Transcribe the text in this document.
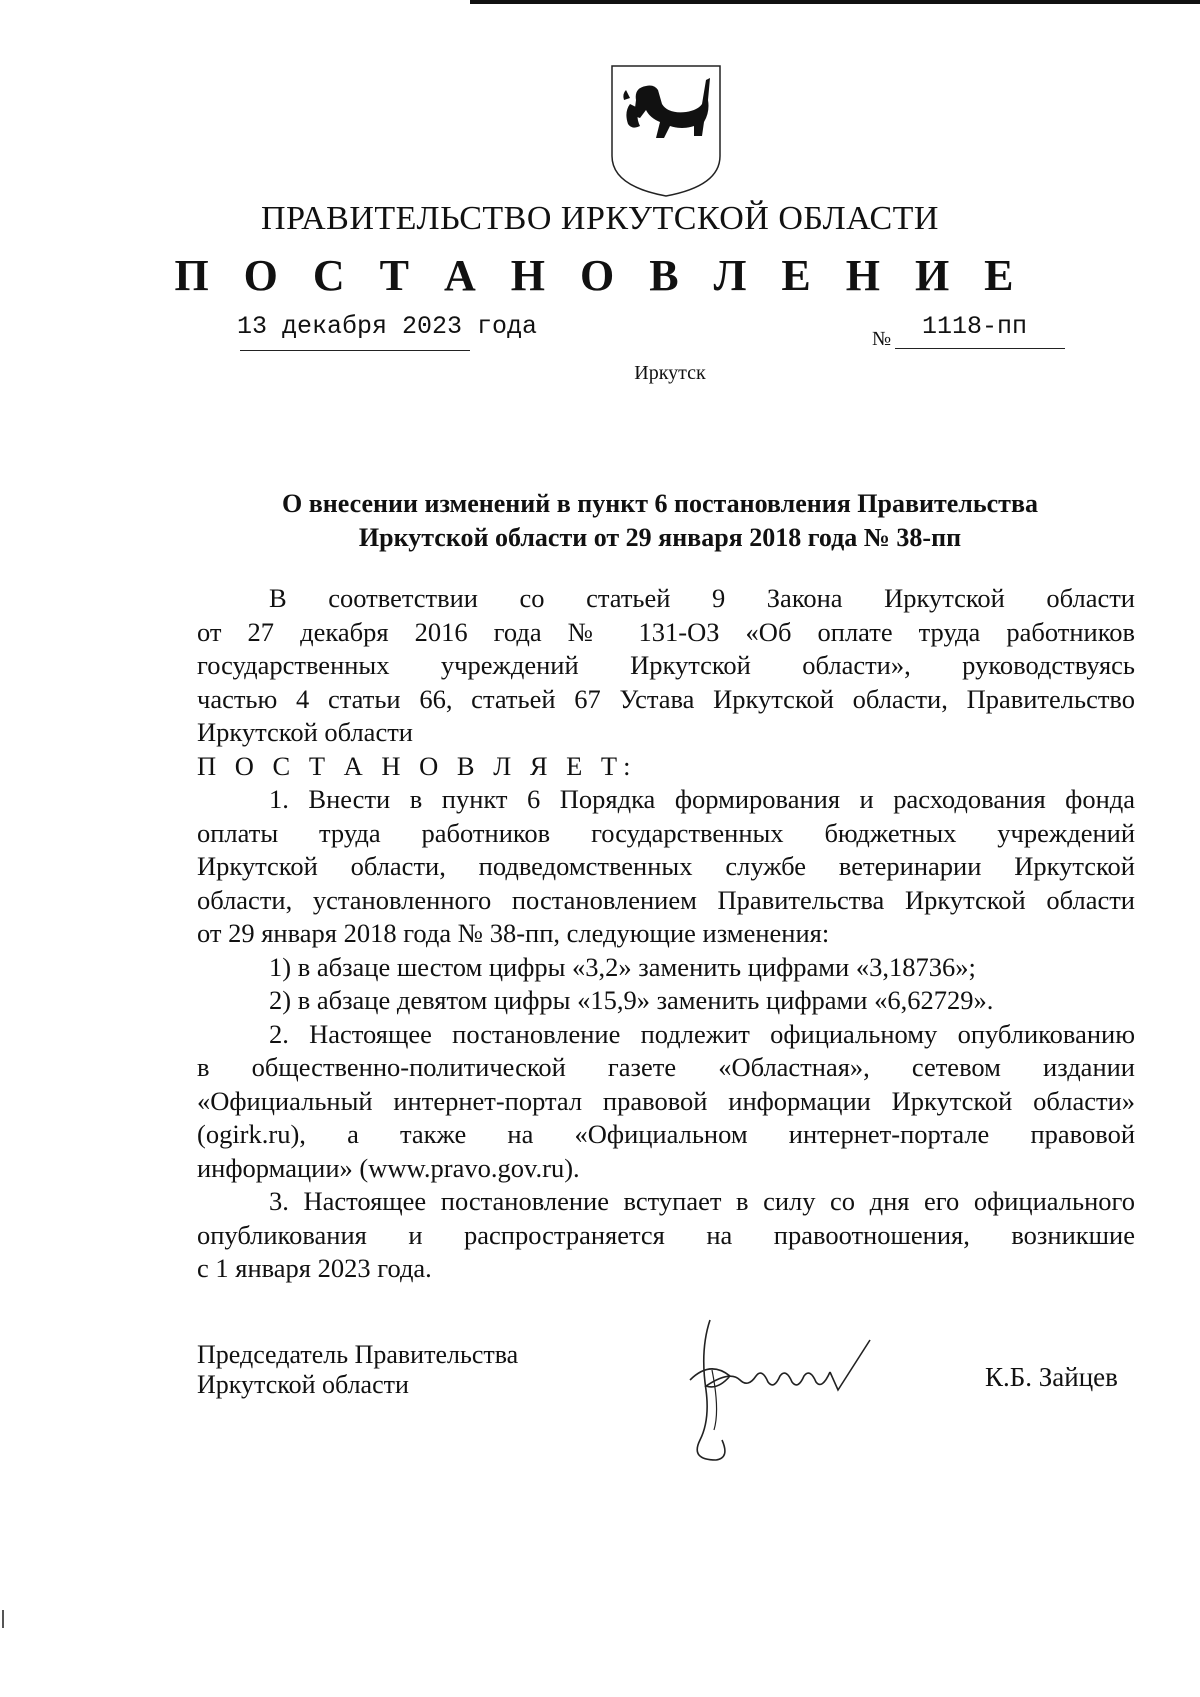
ПРАВИТЕЛЬСТВО ИРКУТСКОЙ ОБЛАСТИ
П О С Т А Н О В Л Е Н И Е
13 декабря 2023 года	№ 1118-пп
Иркутск
О внесении изменений в пункт 6 постановления Правительства
Иркутской области от 29 января 2018 года № 38-пп

В соответствии со статьей 9 Закона Иркутской области

от 27 декабря 2016 года № 131-ОЗ «Об оплате труда работников

государственных учреждений Иркутской области», руководствуясь

частью 4 статьи 66, статьей 67 Устава Иркутской области, Правительство

Иркутской области

П О С Т А Н О В Л Я Е Т:

1. Внести в пункт 6 Порядка формирования и расходования фонда

оплаты труда работников государственных бюджетных учреждений

Иркутской области, подведомственных службе ветеринарии Иркутской

области, установленного постановлением Правительства Иркутской области

от 29 января 2018 года № 38-пп, следующие изменения:

1) в абзаце шестом цифры «3,2» заменить цифрами «3,18736»;

2) в абзаце девятом цифры «15,9» заменить цифрами «6,62729».

2. Настоящее постановление подлежит официальному опубликованию

в общественно-политической газете «Областная», сетевом издании

«Официальный интернет-портал правовой информации Иркутской области»

(ogirk.ru), а также на «Официальном интернет-портале правовой

информации» (www.pravo.gov.ru).

3. Настоящее постановление вступает в силу со дня его официального

опубликования и распространяется на правоотношения, возникшие

с 1 января 2023 года.

Председатель Правительства
Иркутской области	К.Б. Зайцев
